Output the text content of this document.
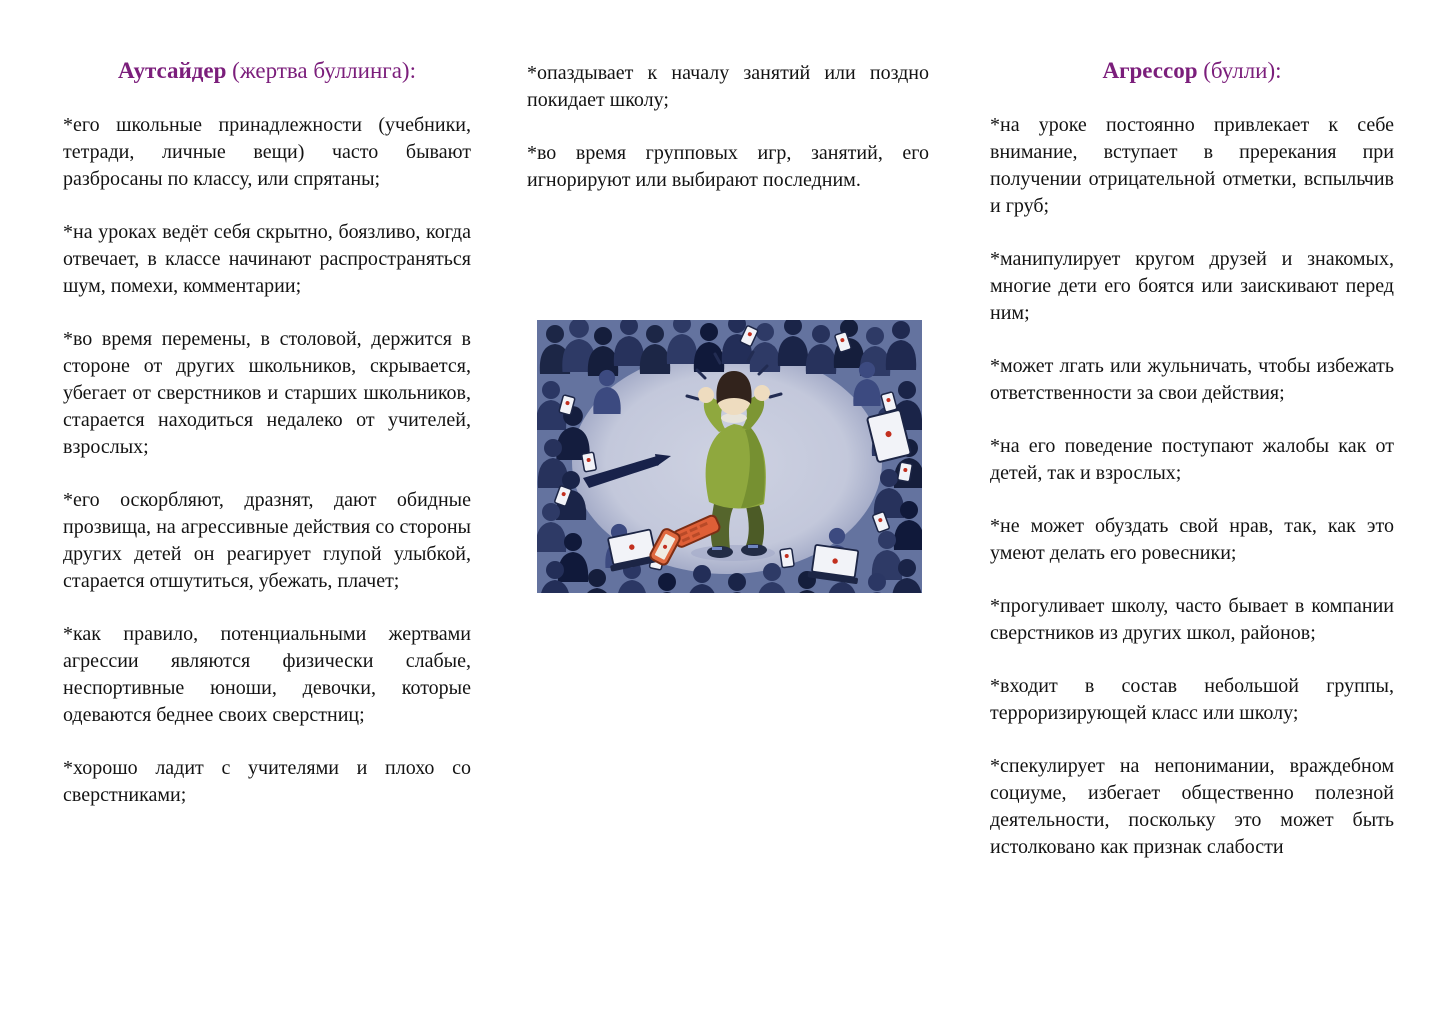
Аутсайдер (жертва буллинга):

*его школьные принадлежности (учебники, тетради, личные вещи) часто бывают разбросаны по классу, или спрятаны;

*на уроках ведёт себя скрытно, боязливо, когда отвечает, в классе начинают распространяться шум, помехи, комментарии;

*во время перемены, в столовой, держится в стороне от других школьников, скрывается, убегает от сверстников и старших школьников, старается находиться недалеко от учителей, взрослых;

*его оскорбляют, дразнят, дают обидные прозвища, на агрессивные действия со стороны других детей он реагирует глупой улыбкой, старается отшутиться, убежать, плачет;

*как правило, потенциальными жертвами агрессии являются физически слабые, неспортивные юноши, девочки, которые одеваются беднее своих сверстниц;

*хорошо ладит с учителями и плохо со сверстниками;

*опаздывает к началу занятий или поздно покидает школу;

*во время групповых игр, занятий, его игнорируют или выбирают последним.

Агрессор (булли):

*на уроке постоянно привлекает к себе внимание, вступает в пререкания при получении отрицательной отметки, вспыльчив и груб;

*манипулирует кругом друзей и знакомых, многие дети его боятся или заискивают перед ним;

*может лгать или жульничать, чтобы избежать ответственности за свои действия;

*на его поведение поступают жалобы как от детей, так и взрослых;

*не может обуздать свой нрав, так, как это умеют делать его ровесники;

*прогуливает школу, часто бывает в компании сверстников из других школ, районов;

*входит в состав небольшой группы, терроризирующей класс или школу;

*спекулирует на непонимании, враждебном социуме, избегает общественно полезной деятельности, поскольку это может быть истолковано как признак слабости
